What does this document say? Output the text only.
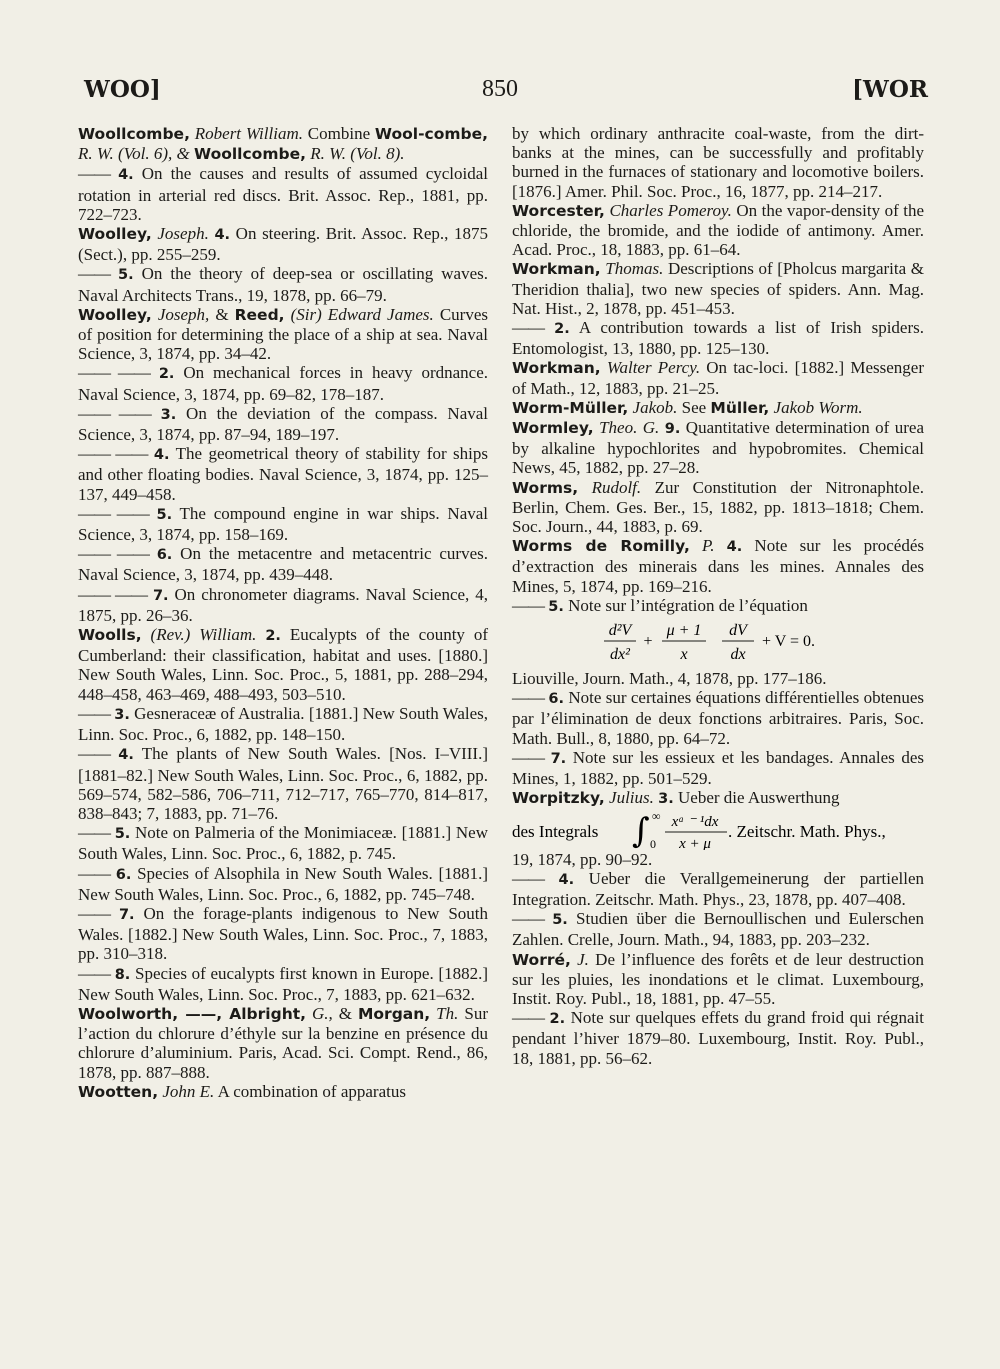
WOO]	850	[WOR

Woollcombe, Robert William. Combine Wool-combe, R. W. (Vol. 6), & Woollcombe, R. W. (Vol. 8).

—— 4. On the causes and results of assumed cycloidal rotation in arterial red discs. Brit. Assoc. Rep., 1881, pp. 722–723.

Woolley, Joseph. 4. On steering. Brit. Assoc. Rep., 1875 (Sect.), pp. 255–259.

—— 5. On the theory of deep-sea or oscillating waves. Naval Architects Trans., 19, 1878, pp. 66–79.

Woolley, Joseph, & Reed, (Sir) Edward James. Curves of position for determining the place of a ship at sea. Naval Science, 3, 1874, pp. 34–42.

—— —— 2. On mechanical forces in heavy ordnance. Naval Science, 3, 1874, pp. 69–82, 178–187.

—— —— 3. On the deviation of the compass. Naval Science, 3, 1874, pp. 87–94, 189–197.

—— —— 4. The geometrical theory of stability for ships and other floating bodies. Naval Science, 3, 1874, pp. 125–137, 449–458.

—— —— 5. The compound engine in war ships. Naval Science, 3, 1874, pp. 158–169.

—— —— 6. On the metacentre and metacentric curves. Naval Science, 3, 1874, pp. 439–448.

—— —— 7. On chronometer diagrams. Naval Science, 4, 1875, pp. 26–36.

Woolls, (Rev.) William. 2. Eucalypts of the county of Cumberland: their classification, habitat and uses. [1880.] New South Wales, Linn. Soc. Proc., 5, 1881, pp. 288–294, 448–458, 463–469, 488–493, 503–510.

—— 3. Gesneraceæ of Australia. [1881.] New South Wales, Linn. Soc. Proc., 6, 1882, pp. 148–150.

—— 4. The plants of New South Wales. [Nos. I–VIII.] [1881–82.] New South Wales, Linn. Soc. Proc., 6, 1882, pp. 569–574, 582–586, 706–711, 712–717, 765–770, 814–817, 838–843; 7, 1883, pp. 71–76.

—— 5. Note on Palmeria of the Monimiaceæ. [1881.] New South Wales, Linn. Soc. Proc., 6, 1882, p. 745.

—— 6. Species of Alsophila in New South Wales. [1881.] New South Wales, Linn. Soc. Proc., 6, 1882, pp. 745–748.

—— 7. On the forage-plants indigenous to New South Wales. [1882.] New South Wales, Linn. Soc. Proc., 7, 1883, pp. 310–318.

—— 8. Species of eucalypts first known in Europe. [1882.] New South Wales, Linn. Soc. Proc., 7, 1883, pp. 621–632.

Woolworth, ——, Albright, G., & Morgan, Th. Sur l’action du chlorure d’éthyle sur la benzine en présence du chlorure d’aluminium. Paris, Acad. Sci. Compt. Rend., 86, 1878, pp. 887–888.

Wootten, John E. A combination of apparatus

by which ordinary anthracite coal-waste, from the dirt-banks at the mines, can be successfully and profitably burned in the furnaces of stationary and locomotive boilers. [1876.] Amer. Phil. Soc. Proc., 16, 1877, pp. 214–217.

Worcester, Charles Pomeroy. On the vapor-density of the chloride, the bromide, and the iodide of antimony. Amer. Acad. Proc., 18, 1883, pp. 61–64.

Workman, Thomas. Descriptions of [Pholcus margarita & Theridion thalia], two new species of spiders. Ann. Mag. Nat. Hist., 2, 1878, pp. 451–453.

—— 2. A contribution towards a list of Irish spiders. Entomologist, 13, 1880, pp. 125–130.

Workman, Walter Percy. On tac-loci. [1882.] Messenger of Math., 12, 1883, pp. 21–25.

Worm-Müller, Jakob. See Müller, Jakob Worm.

Wormley, Theo. G. 9. Quantitative determination of urea by alkaline hypochlorites and hypobromites. Chemical News, 45, 1882, pp. 27–28.

Worms, Rudolf. Zur Constitution der Nitronaphtole. Berlin, Chem. Ges. Ber., 15, 1882, pp. 1813–1818; Chem. Soc. Journ., 44, 1883, p. 69.

Worms de Romilly, P. 4. Note sur les procédés d’extraction des minerais dans les mines. Annales des Mines, 5, 1874, pp. 169–216.

—— 5. Note sur l’intégration de l’équation

d²V
dx²
+
μ + 1
x
dV
dx
+ V = 0.

Liouville, Journ. Math., 4, 1878, pp. 177–186.

—— 6. Note sur certaines équations différentielles obtenues par l’élimination de deux fonctions arbitraires. Paris, Soc. Math. Bull., 8, 1880, pp. 64–72.

—— 7. Note sur les essieux et les bandages. Annales des Mines, 1, 1882, pp. 501–529.

Worpitzky, Julius. 3. Ueber die Auswerthung

des Integrals ∫ ∞
0
xᵃ ⁻ ¹dx
x + μ
. Zeitschr. Math. Phys.,

19, 1874, pp. 90–92.

—— 4. Ueber die Verallgemeinerung der partiellen Integration. Zeitschr. Math. Phys., 23, 1878, pp. 407–408.

—— 5. Studien über die Bernoullischen und Eulerschen Zahlen. Crelle, Journ. Math., 94, 1883, pp. 203–232.

Worré, J. De l’influence des forêts et de leur destruction sur les pluies, les inondations et le climat. Luxembourg, Instit. Roy. Publ., 18, 1881, pp. 47–55.

—— 2. Note sur quelques effets du grand froid qui régnait pendant l’hiver 1879–80. Luxembourg, Instit. Roy. Publ., 18, 1881, pp. 56–62.
